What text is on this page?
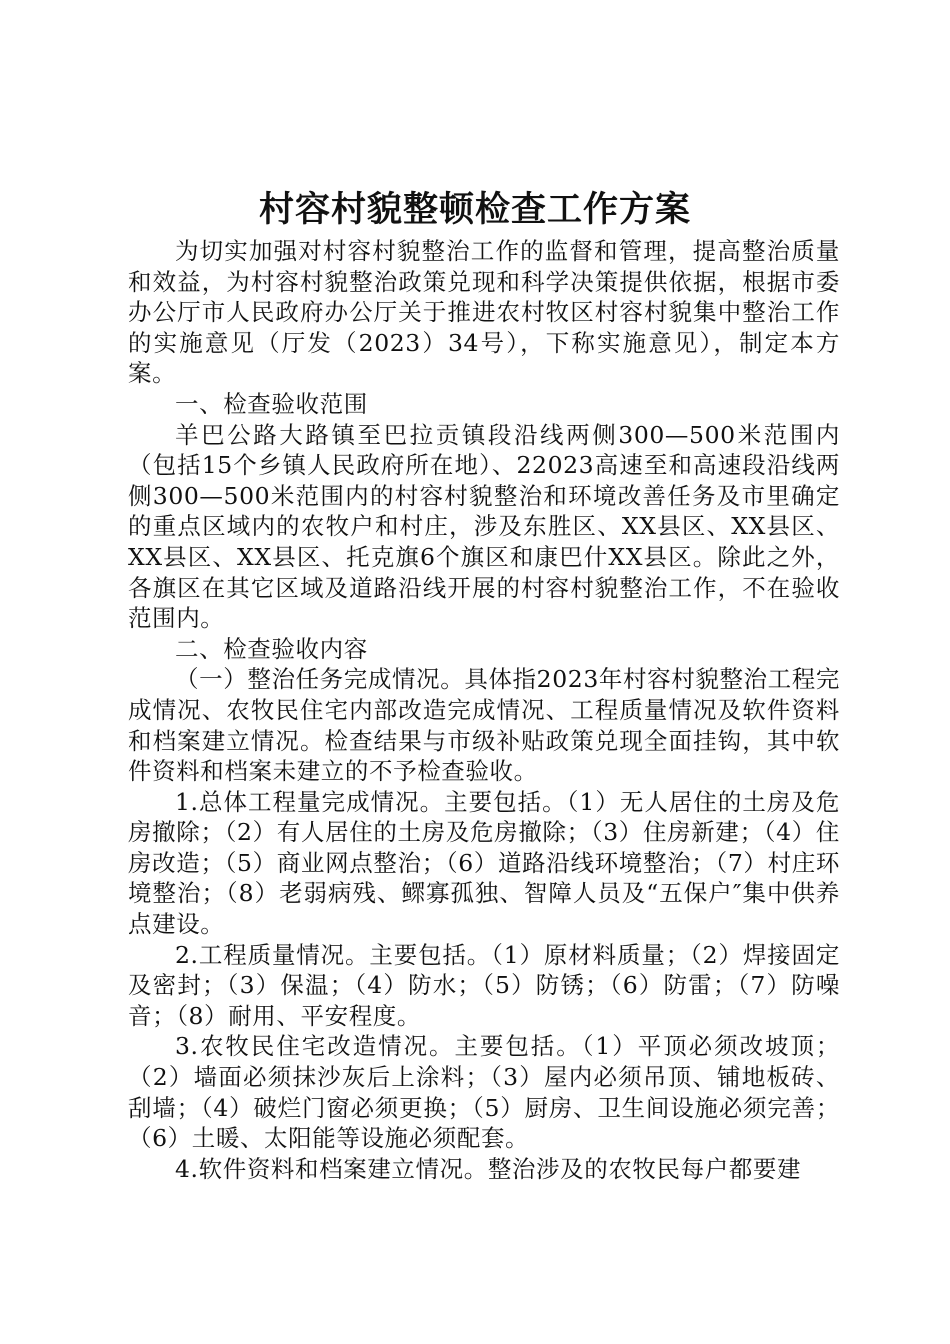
村容村貌整顿检查工作方案

为切实加强对村容村貌整治工作的监督和管理，提高整治质量和效益，为村容村貌整治政策兑现和科学决策提供依据，根据市委办公厅市人民政府办公厅关于推进农村牧区村容村貌集中整治工作的实施意见（厅发（2023）34号），下称实施意见），制定本方案。

一、检查验收范围

羊巴公路大路镇至巴拉贡镇段沿线两侧300—500米范围内（包括15个乡镇人民政府所在地）、22023高速至和高速段沿线两侧300—500米范围内的村容村貌整治和环境改善任务及市里确定的重点区域内的农牧户和村庄，涉及东胜区、XX县区、XX县区、XX县区、XX县区、托克旗6个旗区和康巴什XX县区。除此之外，各旗区在其它区域及道路沿线开展的村容村貌整治工作，不在验收范围内。

二、检查验收内容

（一）整治任务完成情况。具体指2023年村容村貌整治工程完成情况、农牧民住宅内部改造完成情况、工程质量情况及软件资料和档案建立情况。检查结果与市级补贴政策兑现全面挂钩，其中软件资料和档案未建立的不予检查验收。

1.总体工程量完成情况。主要包括。（1）无人居住的土房及危房撤除；（2）有人居住的土房及危房撤除；（3）住房新建；（4）住房改造；（5）商业网点整治；（6）道路沿线环境整治；（7）村庄环境整治；（8）老弱病残、鳏寡孤独、智障人员及“五保户″集中供养点建设。

2.工程质量情况。主要包括。（1）原材料质量；（2）焊接固定及密封；（3）保温；（4）防水；（5）防锈；（6）防雷；（7）防噪音；（8）耐用、平安程度。

3.农牧民住宅改造情况。主要包括。（1）平顶必须改坡顶；（2）墙面必须抹沙灰后上涂料；（3）屋内必须吊顶、铺地板砖、刮墙；（4）破烂门窗必须更换；（5）厨房、卫生间设施必须完善；（6）土暖、太阳能等设施必须配套。

4.软件资料和档案建立情况。整治涉及的农牧民每户都要建
